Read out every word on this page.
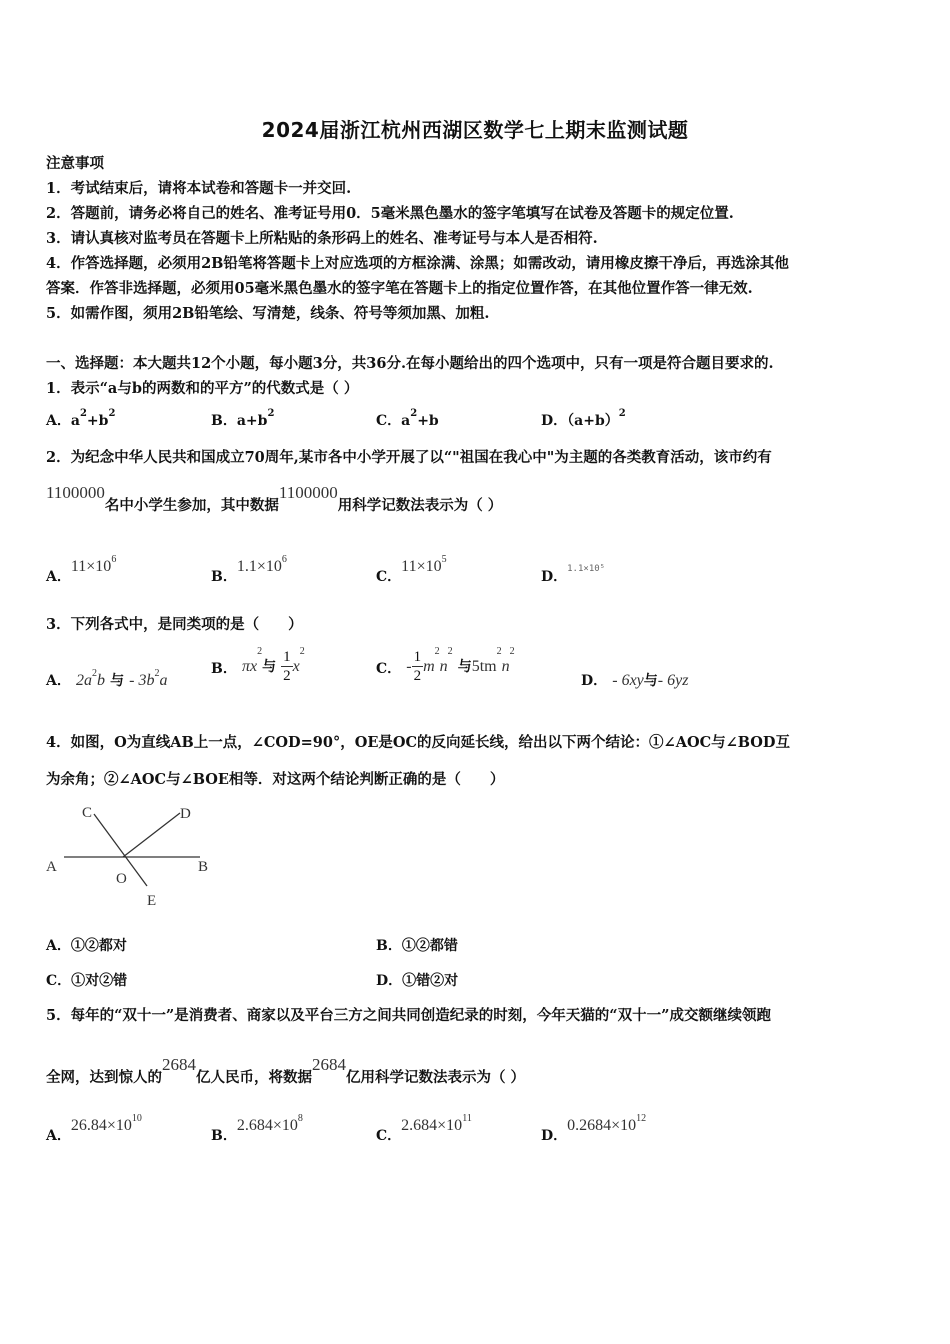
2024届浙江杭州西湖区数学七上期末监测试题
注意事项
1．考试结束后，请将本试卷和答题卡一并交回.
2．答题前，请务必将自己的姓名、准考证号用0．5毫米黑色墨水的签字笔填写在试卷及答题卡的规定位置.
3．请认真核对监考员在答题卡上所粘贴的条形码上的姓名、准考证号与本人是否相符.
4．作答选择题，必须用2B铅笔将答题卡上对应选项的方框涂满、涂黑；如需改动，请用橡皮擦干净后，再选涂其他
答案．作答非选择题，必须用05毫米黑色墨水的签字笔在答题卡上的指定位置作答，在其他位置作答一律无效.
5．如需作图，须用2B铅笔绘、写清楚，线条、符号等须加黑、加粗.
一、选择题：本大题共12个小题，每小题3分，共36分.在每小题给出的四个选项中，只有一项是符合题目要求的.
1．表示“a与b的两数和的平方”的代数式是（ ）
A．$a^2+b^2$	B．$a+b^2$	C．$a^2+b$	D．$(a+b)^2$
2．为纪念中华人民共和国成立70周年,某市各中小学开展了以“"祖国在我心中"为主题的各类教育活动，该市约有
1100000名中小学生参加，其中数据1100000用科学记数法表示为（ ）
A．$11\times 10^6$
B．$1.1\times 10^6$
C．$11\times 10^5$
D．1.1×10⁵
3．下列各式中，是同类项的是（　　）
A． $2a^2b$ 与 - $3b^2a$
B． $\pi x^2$与 $\frac{1}{2} x^2$
C． - $\frac{1}{2} m^2n^2$ 与$5tm^2n^2$
D． - 6xy与- 6yz
4．如图，O为直线AB上一点，∠COD=90°，OE是OC的反向延长线，给出以下两个结论：①∠AOC与∠BOD互
为余角；②∠AOC与∠BOE相等．对这两个结论判断正确的是（　　）
A	B
C	D
O
E
A．①②都对	B．①②都错
C．①对②错	D．①错②对
5．每年的“双十一”是消费者、商家以及平台三方之间共同创造纪录的时刻，今年天猫的“双十一”成交额继续领跑
全网，达到惊人的2684亿人民币，将数据2684亿用科学记数法表示为（ ）
A．$26.84\times 10^{10}$
B．$2.684\times 10^8$
C．$2.684\times 10^{11}$
D．$0.2684\times 10^{12}$
